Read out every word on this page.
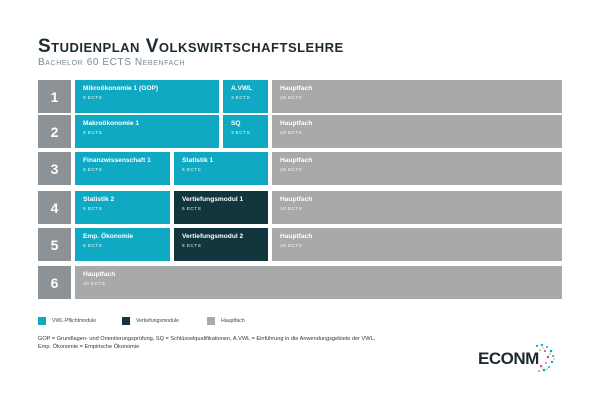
Studienplan Volkswirtschaftslehre
Bachelor 60 ECTS Nebenfach
1	Mikroökonomie 1 (GOP)
9 ECTS
A.VWL
3 ECTS
Hauptfach
18 ECTS
2	Makroökonomie 1
9 ECTS
SQ
3 ECTS
Hauptfach
18 ECTS
3	Finanzwissenschaft 1
6 ECTS
Statistik 1
6 ECTS
Hauptfach
18 ECTS
4	Statistik 2
6 ECTS
Vertiefungsmodul 1
6 ECTS
Hauptfach
18 ECTS
5	Emp. Ökonomie
6 ECTS
Vertiefungsmodul 2
6 ECTS
Hauptfach
18 ECTS
6	Hauptfach
30 ECTS
VWL-Pflichtmodule	Vertiefungsmodule	Hauptfach
GOP = Grundlagen- und Orientierungsprüfung, SQ = Schlüsselqualifikationen, A.VWL = Einführung in die Anwendungsgebiete der VWL,
Emp. Ökonomie = Empirische Ökonomie
ECONM
